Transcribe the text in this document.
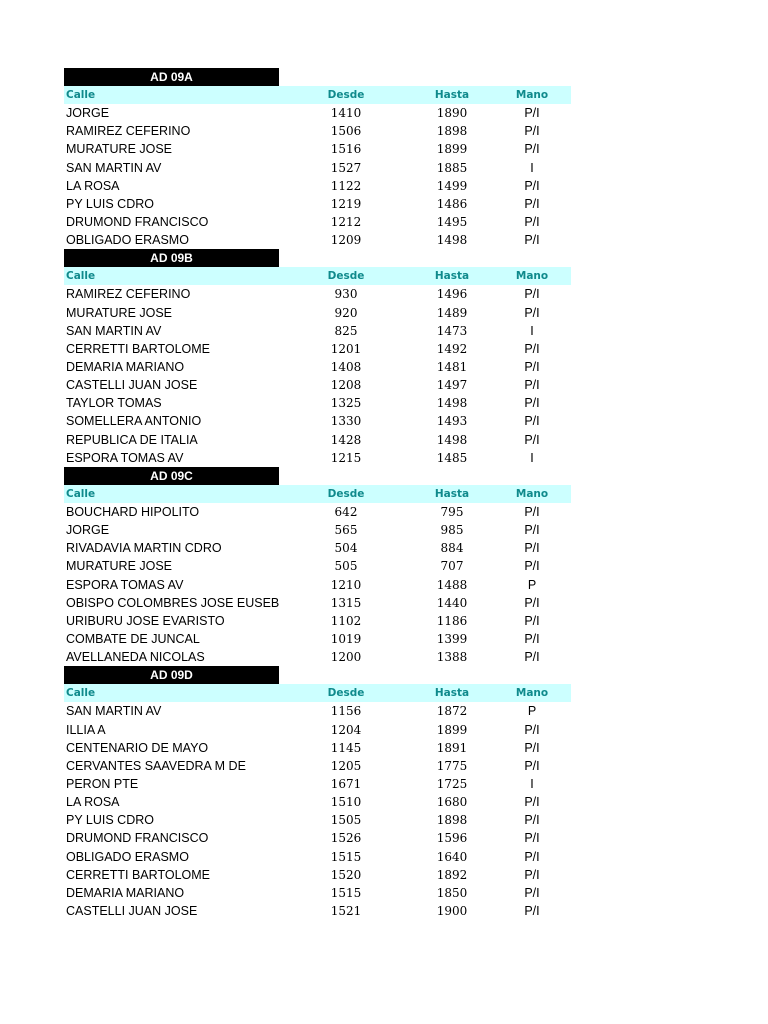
AD 09A
Calle	Desde	Hasta	Mano
JORGE	1410	1890	P/I
RAMIREZ CEFERINO	1506	1898	P/I
MURATURE JOSE	1516	1899	P/I
SAN MARTIN AV	1527	1885	I
LA ROSA	1122	1499	P/I
PY LUIS CDRO	1219	1486	P/I
DRUMOND FRANCISCO	1212	1495	P/I
OBLIGADO ERASMO	1209	1498	P/I
AD 09B
Calle	Desde	Hasta	Mano
RAMIREZ CEFERINO	930	1496	P/I
MURATURE JOSE	920	1489	P/I
SAN MARTIN AV	825	1473	I
CERRETTI BARTOLOME	1201	1492	P/I
DEMARIA MARIANO	1408	1481	P/I
CASTELLI JUAN JOSE	1208	1497	P/I
TAYLOR TOMAS	1325	1498	P/I
SOMELLERA ANTONIO	1330	1493	P/I
REPUBLICA DE ITALIA	1428	1498	P/I
ESPORA TOMAS AV	1215	1485	I
AD 09C
Calle	Desde	Hasta	Mano
BOUCHARD HIPOLITO	642	795	P/I
JORGE	565	985	P/I
RIVADAVIA MARTIN CDRO	504	884	P/I
MURATURE JOSE	505	707	P/I
ESPORA TOMAS AV	1210	1488	P
OBISPO COLOMBRES JOSE EUSEB	1315	1440	P/I
URIBURU JOSE EVARISTO	1102	1186	P/I
COMBATE DE JUNCAL	1019	1399	P/I
AVELLANEDA NICOLAS	1200	1388	P/I
AD 09D
Calle	Desde	Hasta	Mano
SAN MARTIN AV	1156	1872	P
ILLIA A	1204	1899	P/I
CENTENARIO DE MAYO	1145	1891	P/I
CERVANTES SAAVEDRA M DE	1205	1775	P/I
PERON PTE	1671	1725	I
LA ROSA	1510	1680	P/I
PY LUIS CDRO	1505	1898	P/I
DRUMOND FRANCISCO	1526	1596	P/I
OBLIGADO ERASMO	1515	1640	P/I
CERRETTI BARTOLOME	1520	1892	P/I
DEMARIA MARIANO	1515	1850	P/I
CASTELLI JUAN JOSE	1521	1900	P/I
